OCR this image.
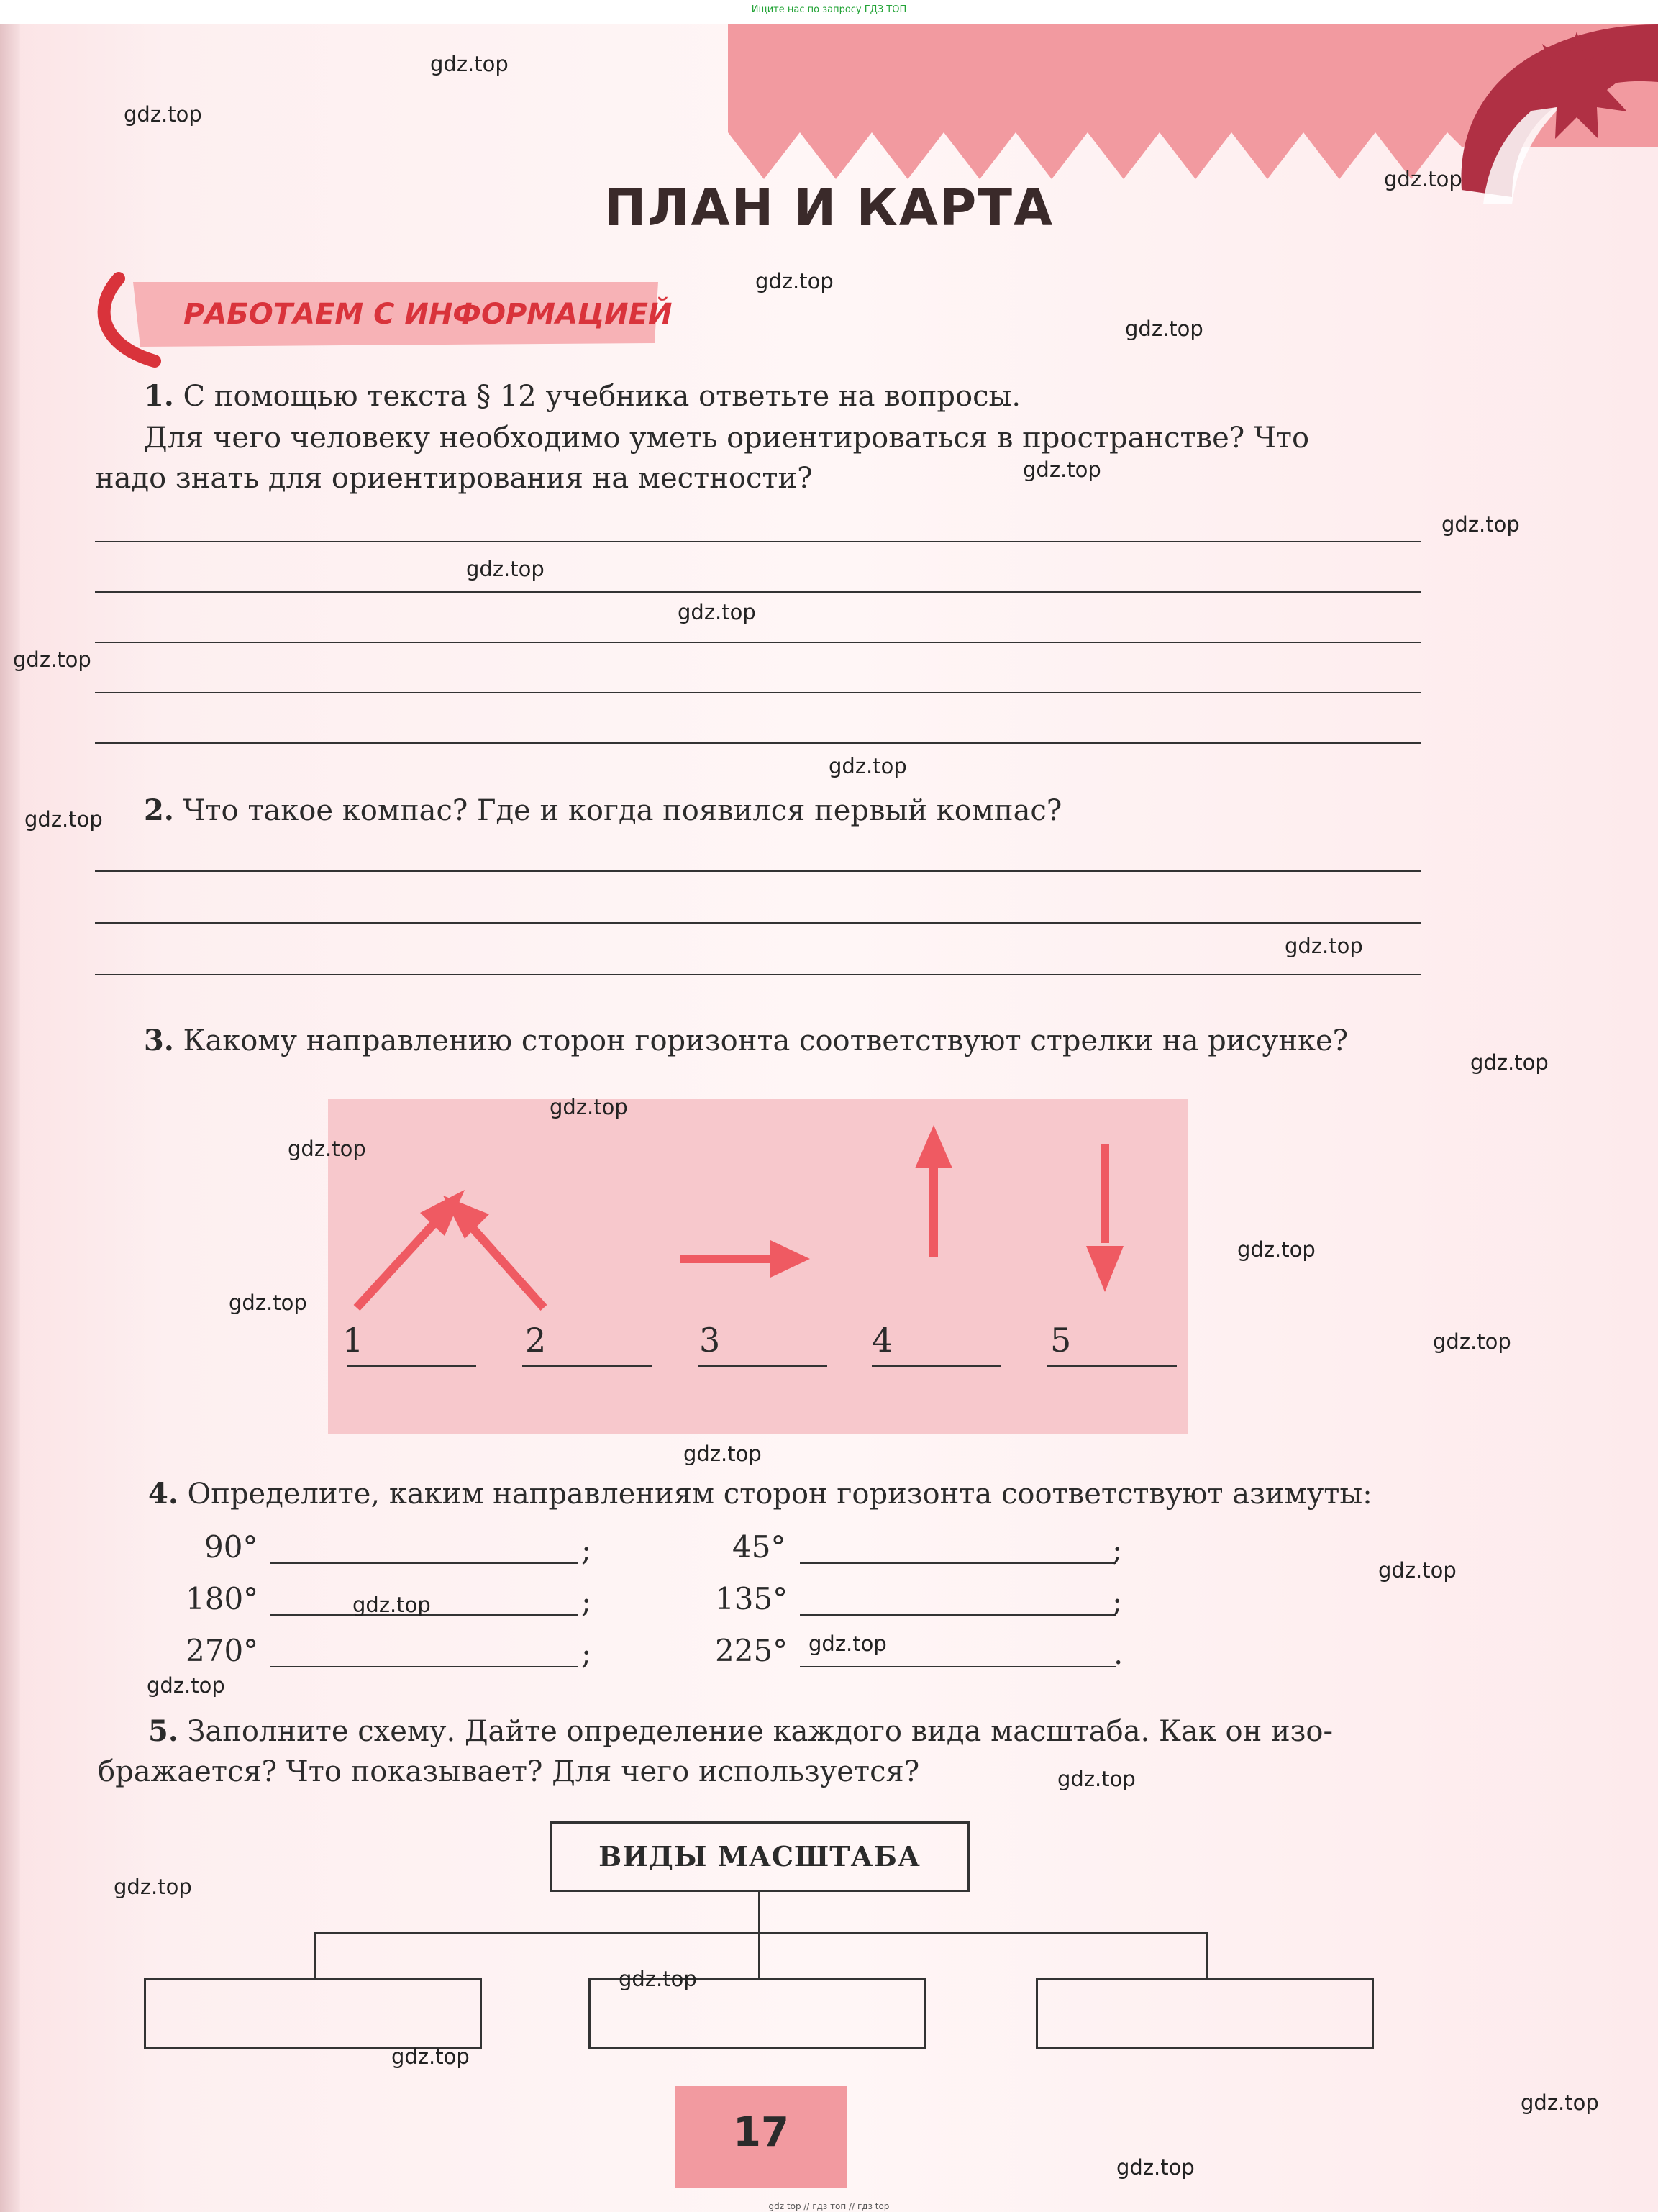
Ищите нас по запросу ГДЗ ТОП
ПЛАН И КАРТА
РАБОТАЕМ С ИНФОРМАЦИЕЙ
1. С помощью текста § 12 учебника ответьте на вопросы.
Для чего человеку необходимо уметь ориентироваться в пространстве? Что
надо знать для ориентирования на местности?
2. Что такое компас? Где и когда появился первый компас?
3. Какому направлению сторон горизонта соответствуют стрелки на рисунке?
1	2	3	4	5
4. Определите, каким направлениям сторон горизонта соответствуют азимуты:
90°	;	45°	;
180°	;	135°	;
270°	;	225°	.
5. Заполните схему. Дайте определение каждого вида масштаба. Как он изо-
бражается? Что показывает? Для чего используется?
ВИДЫ МАСШТАБА
17
gdz.top
gdz.top
gdz.top
gdz.top
gdz.top
gdz.top
gdz.top
gdz.top
gdz.top
gdz.top
gdz.top
gdz.top
gdz.top
gdz.top
gdz.top
gdz.top
gdz.top
gdz.top
gdz.top
gdz.top
gdz.top
gdz.top
gdz.top
gdz.top
gdz.top
gdz.top
gdz.top
gdz.top
gdz.top
gdz.top
gdz top // гдз топ // гдз top
